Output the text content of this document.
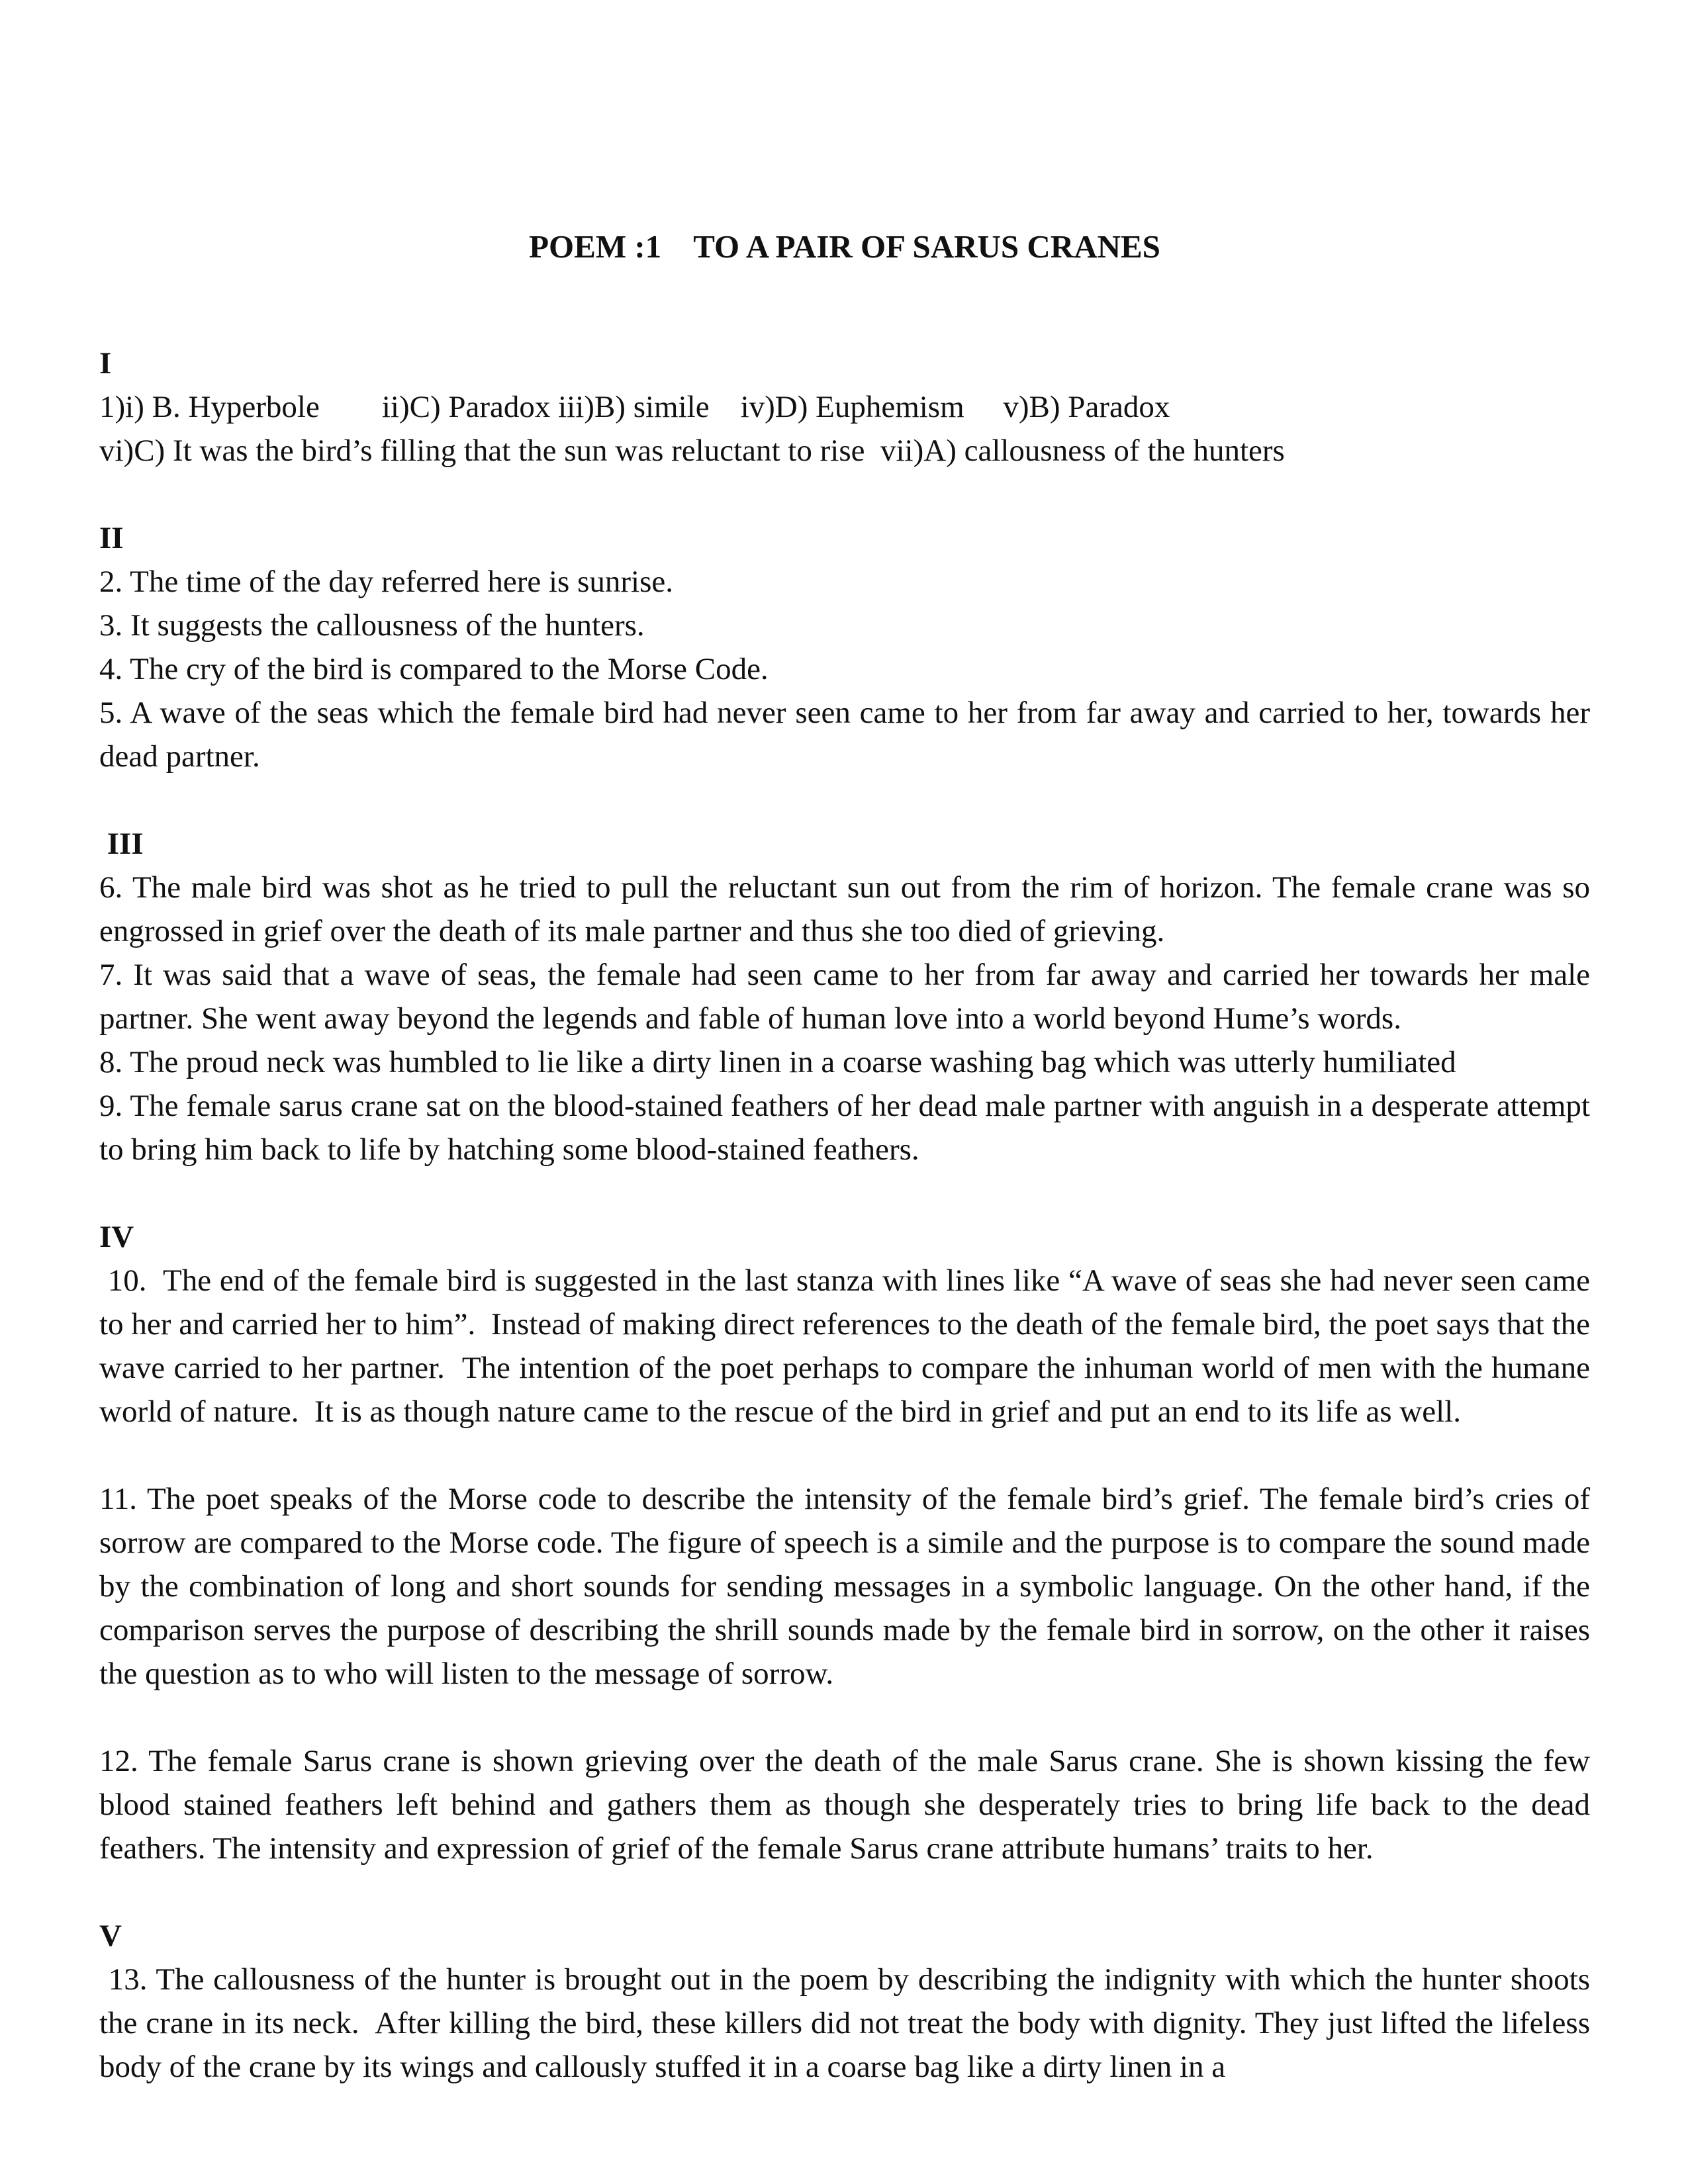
POEM :1    TO A PAIR OF SARUS CRANES
I
1)i) B. Hyperbole        ii)C) Paradox iii)B) simile    iv)D) Euphemism     v)B) Paradox
vi)C) It was the bird’s filling that the sun was reluctant to rise  vii)A) callousness of the hunters
II
2. The time of the day referred here is sunrise.
3. It suggests the callousness of the hunters.
4. The cry of the bird is compared to the Morse Code.
5. A wave of the seas which the female bird had never seen came to her from far away and carried to her, towards her dead partner.
III
6. The male bird was shot as he tried to pull the reluctant sun out from the rim of horizon. The female crane was so engrossed in grief over the death of its male partner and thus she too died of grieving.
7. It was said that a wave of seas, the female had seen came to her from far away and carried her towards her male partner. She went away beyond the legends and fable of human love into a world beyond Hume’s words.
8. The proud neck was humbled to lie like a dirty linen in a coarse washing bag which was utterly humiliated
9. The female sarus crane sat on the blood-stained feathers of her dead male partner with anguish in a desperate attempt to bring him back to life by hatching some blood-stained feathers.
IV
10.  The end of the female bird is suggested in the last stanza with lines like “A wave of seas she had never seen came to her and carried her to him”.  Instead of making direct references to the death of the female bird, the poet says that the wave carried to her partner.  The intention of the poet perhaps to compare the inhuman world of men with the humane world of nature.  It is as though nature came to the rescue of the bird in grief and put an end to its life as well.
11. The poet speaks of the Morse code to describe the intensity of the female bird’s grief. The female bird’s cries of sorrow are compared to the Morse code. The figure of speech is a simile and the purpose is to compare the sound made by the combination of long and short sounds for sending messages in a symbolic language. On the other hand, if the comparison serves the purpose of describing the shrill sounds made by the female bird in sorrow, on the other it raises the question as to who will listen to the message of sorrow.
12. The female Sarus crane is shown grieving over the death of the male Sarus crane. She is shown kissing the few blood stained feathers left behind and gathers them as though she desperately tries to bring life back to the dead feathers. The intensity and expression of grief of the female Sarus crane attribute humans’ traits to her.
V
13. The callousness of the hunter is brought out in the poem by describing the indignity with which the hunter shoots the crane in its neck.  After killing the bird, these killers did not treat the body with dignity. They just lifted the lifeless body of the crane by its wings and callously stuffed it in a coarse bag like a dirty linen in a
